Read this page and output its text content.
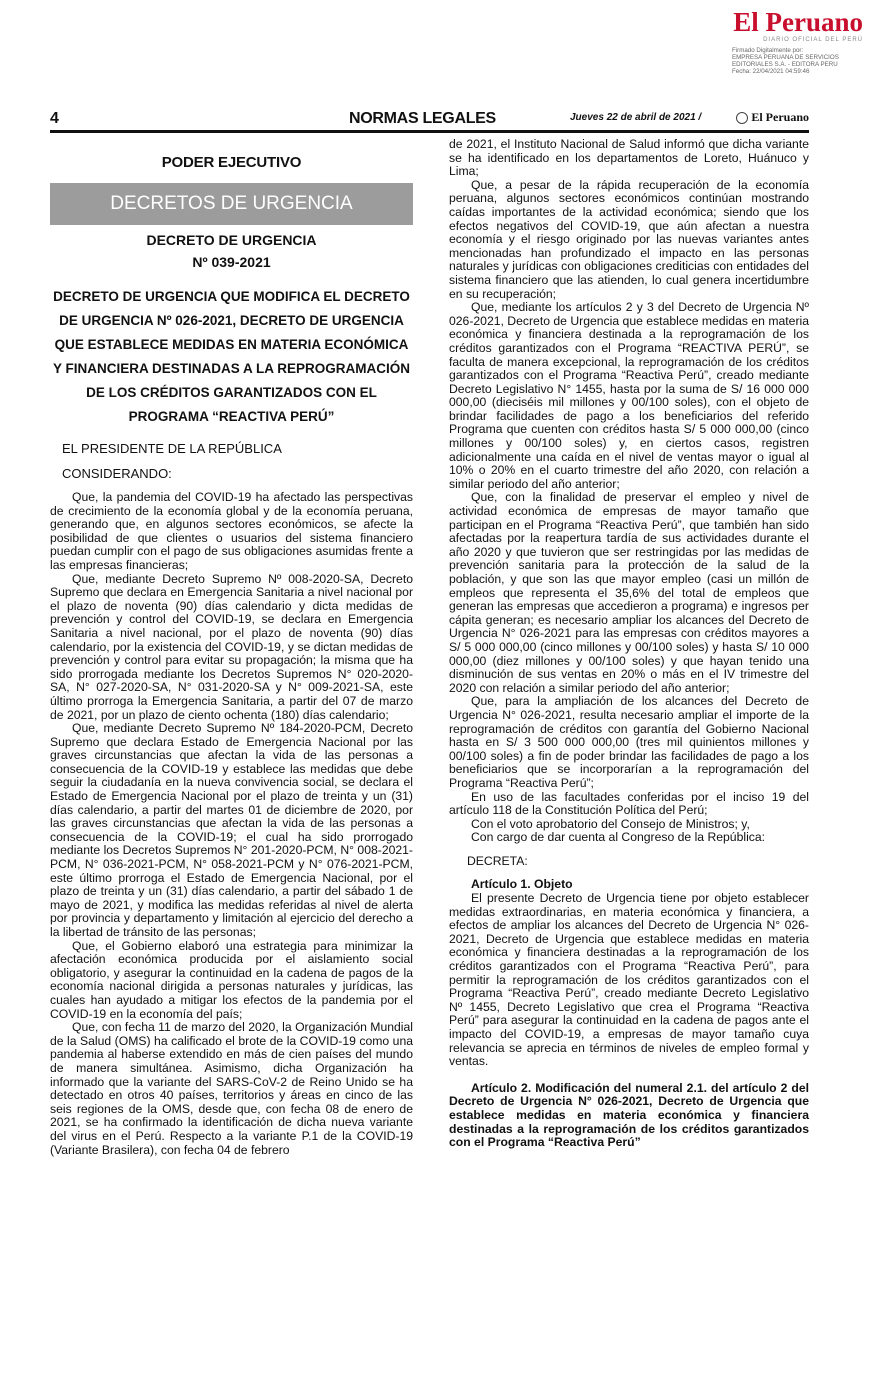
El Peruano
DIARIO OFICIAL DEL PERÚ
Firmado Digitalmente por:
EMPRESA PERUANA DE SERVICIOS
EDITORIALES S.A. - EDITORA PERU
Fecha: 22/04/2021 04:59:46
4	NORMAS LEGALES	Jueves 22 de abril de 2021 /	El Peruano
PODER EJECUTIVO
DECRETOS DE URGENCIA
DECRETO DE URGENCIA
Nº 039-2021
DECRETO DE URGENCIA QUE MODIFICA EL DECRETO DE URGENCIA Nº 026-2021, DECRETO DE URGENCIA QUE ESTABLECE MEDIDAS EN MATERIA ECONÓMICA Y FINANCIERA DESTINADAS A LA REPROGRAMACIÓN DE LOS CRÉDITOS GARANTIZADOS CON EL PROGRAMA “REACTIVA PERÚ”
EL PRESIDENTE DE LA REPÚBLICA
CONSIDERANDO:

Que, la pandemia del COVID-19 ha afectado las perspectivas de crecimiento de la economía global y de la economía peruana, generando que, en algunos sectores económicos, se afecte la posibilidad de que clientes o usuarios del sistema financiero puedan cumplir con el pago de sus obligaciones asumidas frente a las empresas financieras;

Que, mediante Decreto Supremo Nº 008-2020-SA, Decreto Supremo que declara en Emergencia Sanitaria a nivel nacional por el plazo de noventa (90) días calendario y dicta medidas de prevención y control del COVID-19, se declara en Emergencia Sanitaria a nivel nacional, por el plazo de noventa (90) días calendario, por la existencia del COVID-19, y se dictan medidas de prevención y control para evitar su propagación; la misma que ha sido prorrogada mediante los Decretos Supremos N° 020-2020-SA, N° 027-2020-SA, N° 031-2020-SA y N° 009-2021-SA, este último prorroga la Emergencia Sanitaria, a partir del 07 de marzo de 2021, por un plazo de ciento ochenta (180) días calendario;

Que, mediante Decreto Supremo Nº 184-2020-PCM, Decreto Supremo que declara Estado de Emergencia Nacional por las graves circunstancias que afectan la vida de las personas a consecuencia de la COVID-19 y establece las medidas que debe seguir la ciudadanía en la nueva convivencia social, se declara el Estado de Emergencia Nacional por el plazo de treinta y un (31) días calendario, a partir del martes 01 de diciembre de 2020, por las graves circunstancias que afectan la vida de las personas a consecuencia de la COVID-19; el cual ha sido prorrogado mediante los Decretos Supremos N° 201-2020-PCM, N° 008-2021-PCM, N° 036-2021-PCM, N° 058-2021-PCM y N° 076-2021-PCM, este último prorroga el Estado de Emergencia Nacional, por el plazo de treinta y un (31) días calendario, a partir del sábado 1 de mayo de 2021, y modifica las medidas referidas al nivel de alerta por provincia y departamento y limitación al ejercicio del derecho a la libertad de tránsito de las personas;

Que, el Gobierno elaboró una estrategia para minimizar la afectación económica producida por el aislamiento social obligatorio, y asegurar la continuidad en la cadena de pagos de la economía nacional dirigida a personas naturales y jurídicas, las cuales han ayudado a mitigar los efectos de la pandemia por el COVID-19 en la economía del país;

Que, con fecha 11 de marzo del 2020, la Organización Mundial de la Salud (OMS) ha calificado el brote de la COVID-19 como una pandemia al haberse extendido en más de cien países del mundo de manera simultánea. Asimismo, dicha Organización ha informado que la variante del SARS-CoV-2 de Reino Unido se ha detectado en otros 40 países, territorios y áreas en cinco de las seis regiones de la OMS, desde que, con fecha 08 de enero de 2021, se ha confirmado la identificación de dicha nueva variante del virus en el Perú. Respecto a la variante P.1 de la COVID-19 (Variante Brasilera), con fecha 04 de febrero

de 2021, el Instituto Nacional de Salud informó que dicha variante se ha identificado en los departamentos de Loreto, Huánuco y Lima;

Que, a pesar de la rápida recuperación de la economía peruana, algunos sectores económicos continúan mostrando caídas importantes de la actividad económica; siendo que los efectos negativos del COVID-19, que aún afectan a nuestra economía y el riesgo originado por las nuevas variantes antes mencionadas han profundizado el impacto en las personas naturales y jurídicas con obligaciones crediticias con entidades del sistema financiero que las atienden, lo cual genera incertidumbre en su recuperación;

Que, mediante los artículos 2 y 3 del Decreto de Urgencia Nº 026-2021, Decreto de Urgencia que establece medidas en materia económica y financiera destinada a la reprogramación de los créditos garantizados con el Programa “REACTIVA PERÚ”, se faculta de manera excepcional, la reprogramación de los créditos garantizados con el Programa “Reactiva Perú”, creado mediante Decreto Legislativo N° 1455, hasta por la suma de S/ 16 000 000 000,00 (dieciséis mil millones y 00/100 soles), con el objeto de brindar facilidades de pago a los beneficiarios del referido Programa que cuenten con créditos hasta S/ 5 000 000,00 (cinco millones y 00/100 soles) y, en ciertos casos, registren adicionalmente una caída en el nivel de ventas mayor o igual al 10% o 20% en el cuarto trimestre del año 2020, con relación a similar periodo del año anterior;

Que, con la finalidad de preservar el empleo y nivel de actividad económica de empresas de mayor tamaño que participan en el Programa “Reactiva Perú”, que también han sido afectadas por la reapertura tardía de sus actividades durante el año 2020 y que tuvieron que ser restringidas por las medidas de prevención sanitaria para la protección de la salud de la población, y que son las que mayor empleo (casi un millón de empleos que representa el 35,6% del total de empleos que generan las empresas que accedieron a programa) e ingresos per cápita generan; es necesario ampliar los alcances del Decreto de Urgencia N° 026-2021 para las empresas con créditos mayores a S/ 5 000 000,00 (cinco millones y 00/100 soles) y hasta S/ 10 000 000,00 (diez millones y 00/100 soles) y que hayan tenido una disminución de sus ventas en 20% o más en el IV trimestre del 2020 con relación a similar periodo del año anterior;

Que, para la ampliación de los alcances del Decreto de Urgencia N° 026-2021, resulta necesario ampliar el importe de la reprogramación de créditos con garantía del Gobierno Nacional hasta en S/ 3 500 000 000,00 (tres mil quinientos millones y 00/100 soles) a fin de poder brindar las facilidades de pago a los beneficiarios que se incorporarían a la reprogramación del Programa “Reactiva Perú”;

En uso de las facultades conferidas por el inciso 19 del artículo 118 de la Constitución Política del Perú;

Con el voto aprobatorio del Consejo de Ministros; y,

Con cargo de dar cuenta al Congreso de la República:

DECRETA:

Artículo 1. Objeto

El presente Decreto de Urgencia tiene por objeto establecer medidas extraordinarias, en materia económica y financiera, a efectos de ampliar los alcances del Decreto de Urgencia N° 026-2021, Decreto de Urgencia que establece medidas en materia económica y financiera destinadas a la reprogramación de los créditos garantizados con el Programa “Reactiva Perú”, para permitir la reprogramación de los créditos garantizados con el Programa “Reactiva Perú”, creado mediante Decreto Legislativo Nº 1455, Decreto Legislativo que crea el Programa “Reactiva Perú” para asegurar la continuidad en la cadena de pagos ante el impacto del COVID-19, a empresas de mayor tamaño cuya relevancia se aprecia en términos de niveles de empleo formal y ventas.

Artículo 2. Modificación del numeral 2.1. del artículo 2 del Decreto de Urgencia N° 026-2021, Decreto de Urgencia que establece medidas en materia económica y financiera destinadas a la reprogramación de los créditos garantizados con el Programa “Reactiva Perú”
